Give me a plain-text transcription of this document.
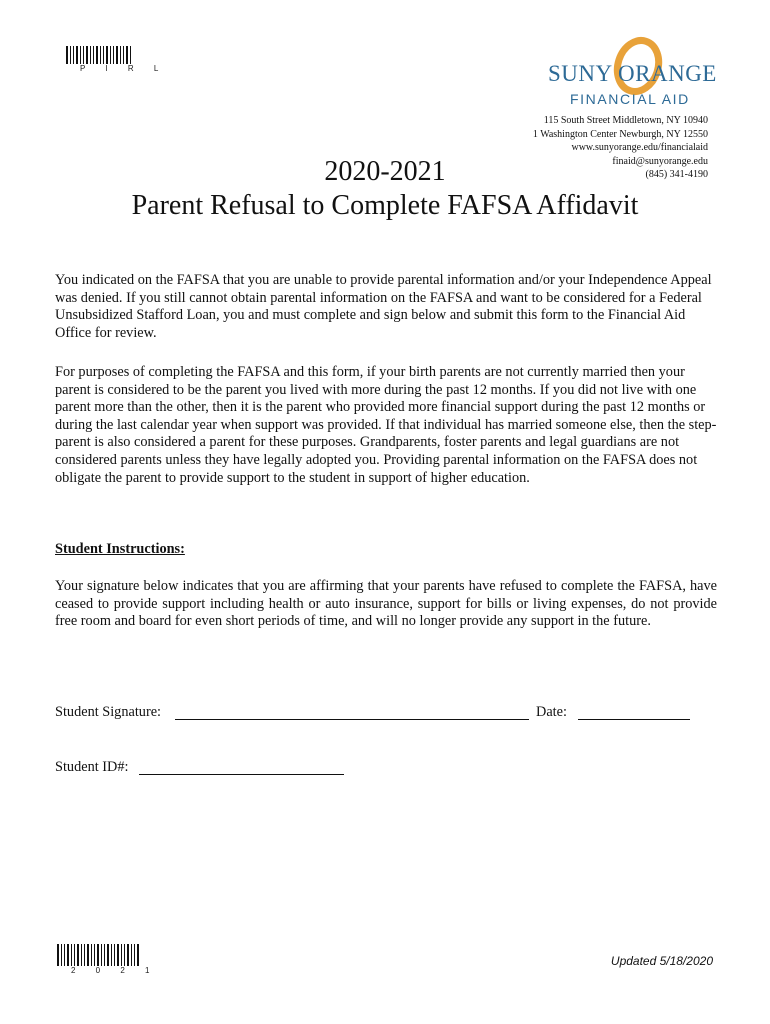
P I R L	SUNY ORANGE
FINANCIAL AID
115 South Street Middletown, NY 10940
1 Washington Center Newburgh, NY 12550
www.sunyorange.edu/financialaid
finaid@sunyorange.edu
(845) 341-4190
2020-2021
Parent Refusal to Complete FAFSA Affidavit
You indicated on the FAFSA that you are unable to provide parental information and/or your Independence Appeal was denied. If you still cannot obtain parental information on the FAFSA and want to be considered for a Federal Unsubsidized Stafford Loan, you and must complete and sign below and submit this form to the Financial Aid Office for review.
For purposes of completing the FAFSA and this form, if your birth parents are not currently married then your parent is considered to be the parent you lived with more during the past 12 months. If you did not live with one parent more than the other, then it is the parent who provided more financial support during the past 12 months or during the last calendar year when support was provided. If that individual has married someone else, then the step-parent is also considered a parent for these purposes. Grandparents, foster parents and legal guardians are not considered parents unless they have legally adopted you. Providing parental information on the FAFSA does not obligate the parent to provide support to the student in support of higher education.
Student Instructions:
Your signature below indicates that you are affirming that your parents have refused to complete the FAFSA, have ceased to provide support including health or auto insurance, support for bills or living expenses, do not provide free room and board for even short periods of time, and will no longer provide any support in the future.
Student Signature:	Date:
Student ID#:
2 0 2 1
Updated 5/18/2020
